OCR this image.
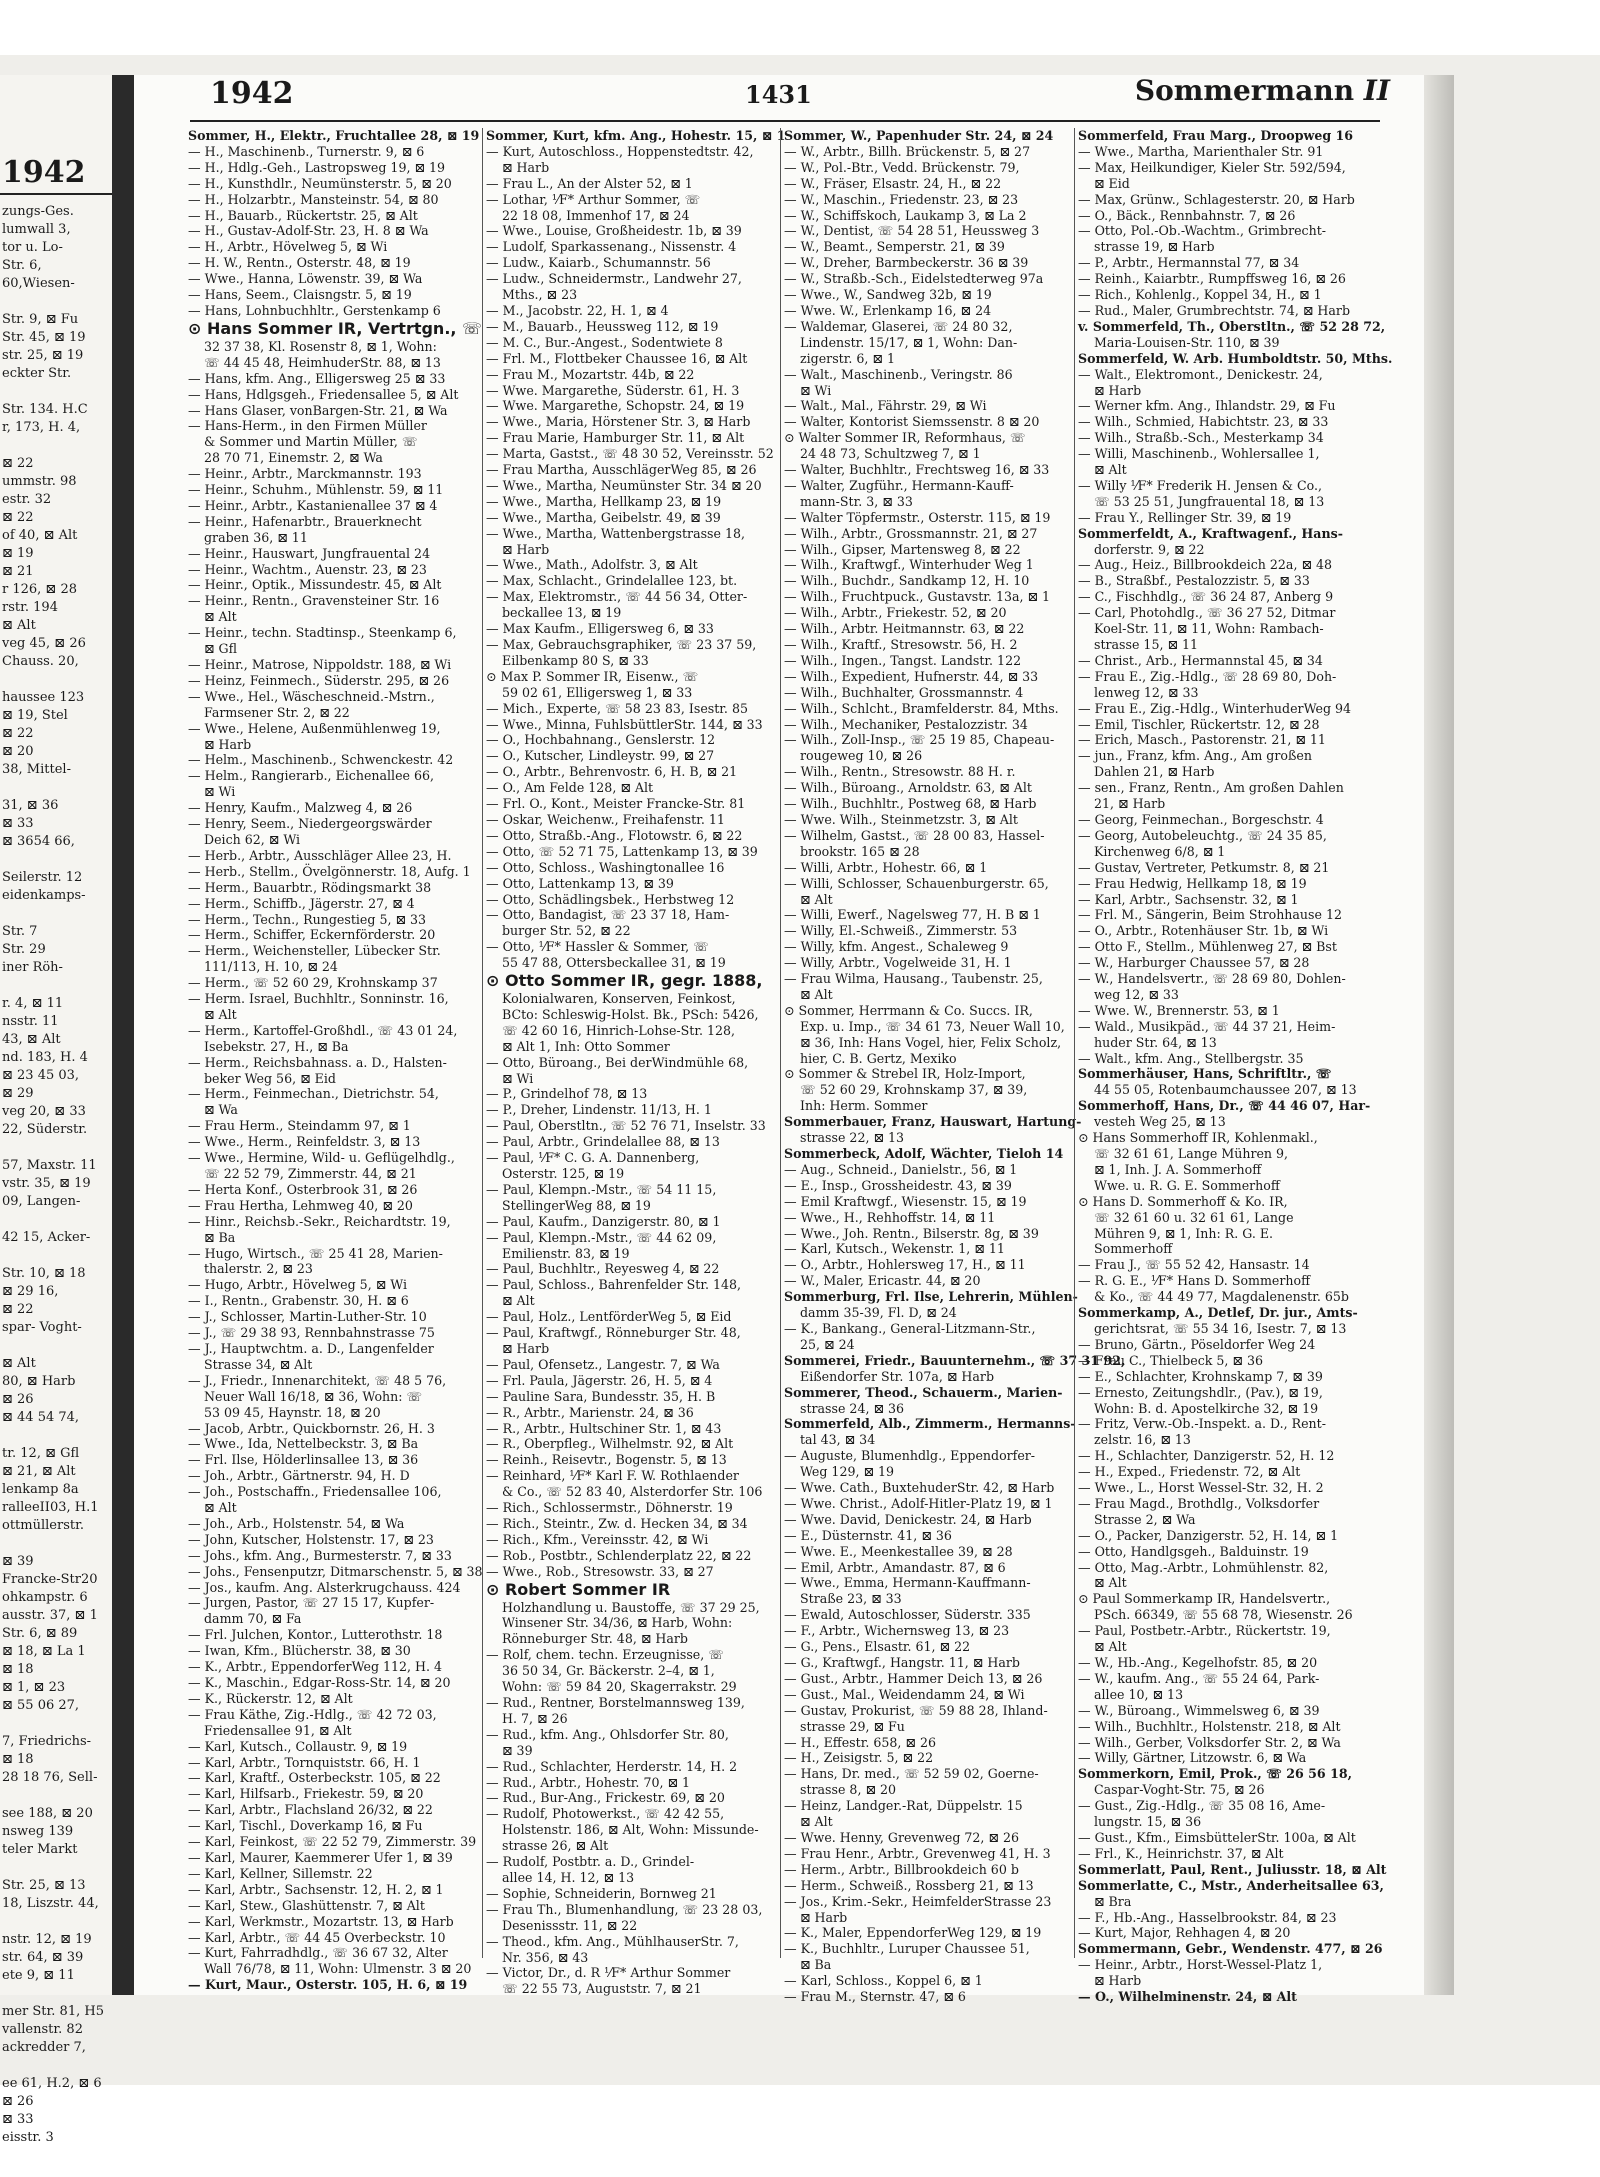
1942
zungs-Ges.
lumwall 3,
tor u. Lo-
Str. 6,
60,Wiesen-

Str. 9, ⊠ Fu
Str. 45, ⊠ 19
str. 25, ⊠ 19
eckter Str.

Str. 134. H.C
r, 173, H. 4,

⊠ 22
ummstr. 98
estr. 32
⊠ 22
of 40, ⊠ Alt
⊠ 19
⊠ 21
r 126, ⊠ 28
rstr. 194
⊠ Alt
veg 45, ⊠ 26
Chauss. 20,

haussee 123
⊠ 19, Stel
⊠ 22
⊠ 20
38, Mittel-

31, ⊠ 36
⊠ 33
⊠ 3654 66,

Seilerstr. 12
eidenkamps-

Str. 7
Str. 29
iner Röh-

r. 4, ⊠ 11
nsstr. 11
43, ⊠ Alt
nd. 183, H. 4
⊠ 23 45 03,
⊠ 29
veg 20, ⊠ 33
22, Süderstr.

57, Maxstr. 11
vstr. 35, ⊠ 19
09, Langen-

42 15, Acker-

Str. 10, ⊠ 18
⊠ 29 16,
⊠ 22
spar- Voght-

⊠ Alt
80, ⊠ Harb
⊠ 26
⊠ 44 54 74,

tr. 12, ⊠ Gfl
⊠ 21, ⊠ Alt
lenkamp 8a
ralleeII03, H.1
ottmüllerstr.

⊠ 39
Francke-Str20
ohkampstr. 6
ausstr. 37, ⊠ 1
Str. 6, ⊠ 89
⊠ 18, ⊠ La 1
⊠ 18
⊠ 1, ⊠ 23
⊠ 55 06 27,

7, Friedrichs-
⊠ 18
28 18 76, Sell-

see 188, ⊠ 20
nsweg 139
teler Markt

Str. 25, ⊠ 13
18, Liszstr. 44,

nstr. 12, ⊠ 19
str. 64, ⊠ 39
ete 9, ⊠ 11

mer Str. 81, H5
vallenstr. 82
ackredder 7,

ee 61, H.2, ⊠ 6
⊠ 26
⊠ 33
eisstr. 3
1942	1431	Sommermann II
Sommer, H., Elektr., Fruchtallee 28, ⊠ 19
— H., Maschinenb., Turnerstr. 9, ⊠ 6
— H., Hdlg.-Geh., Lastropsweg 19, ⊠ 19
— H., Kunsthdlr., Neumünsterstr. 5, ⊠ 20
— H., Holzarbtr., Mansteinstr. 54, ⊠ 80
— H., Bauarb., Rückertstr. 25, ⊠ Alt
— H., Gustav-Adolf-Str. 23, H. 8 ⊠ Wa
— H., Arbtr., Hövelweg 5, ⊠ Wi
— H. W., Rentn., Osterstr. 48, ⊠ 19
— Wwe., Hanna, Löwenstr. 39, ⊠ Wa
— Hans, Seem., Claisngstr. 5, ⊠ 19
— Hans, Lohnbuchhltr., Gerstenkamp 6
⊙ Hans Sommer IR, Vertrtgn., ☏
32 37 38, Kl. Rosenstr 8, ⊠ 1, Wohn:
☏ 44 45 48, HeimhuderStr. 88, ⊠ 13
— Hans, kfm. Ang., Elligersweg 25 ⊠ 33
— Hans, Hdlgsgeh., Friedensallee 5, ⊠ Alt
— Hans Glaser, vonBargen-Str. 21, ⊠ Wa
— Hans-Herm., in den Firmen Müller
& Sommer und Martin Müller, ☏
28 70 71, Einemstr. 2, ⊠ Wa
— Heinr., Arbtr., Marckmannstr. 193
— Heinr., Schuhm., Mühlenstr. 59, ⊠ 11
— Heinr., Arbtr., Kastanienallee 37 ⊠ 4
— Heinr., Hafenarbtr., Brauerknecht
graben 36, ⊠ 11
— Heinr., Hauswart, Jungfrauental 24
— Heinr., Wachtm., Auenstr. 23, ⊠ 23
— Heinr., Optik., Missundestr. 45, ⊠ Alt
— Heinr., Rentn., Gravensteiner Str. 16
⊠ Alt
— Heinr., techn. Stadtinsp., Steenkamp 6,
⊠ Gfl
— Heinr., Matrose, Nippoldstr. 188, ⊠ Wi
— Heinz, Feinmech., Süderstr. 295, ⊠ 26
— Wwe., Hel., Wäscheschneid.-Mstrn.,
Farmsener Str. 2, ⊠ 22
— Wwe., Helene, Außenmühlenweg 19,
⊠ Harb
— Helm., Maschinenb., Schwenckestr. 42
— Helm., Rangierarb., Eichenallee 66,
⊠ Wi
— Henry, Kaufm., Malzweg 4, ⊠ 26
— Henry, Seem., Niedergeorgswärder
Deich 62, ⊠ Wi
— Herb., Arbtr., Ausschläger Allee 23, H.
— Herb., Stellm., Övelgönnerstr. 18, Aufg. 1
— Herm., Bauarbtr., Rödingsmarkt 38
— Herm., Schiffb., Jägerstr. 27, ⊠ 4
— Herm., Techn., Rungestieg 5, ⊠ 33
— Herm., Schiffer, Eckernförderstr. 20
— Herm., Weichensteller, Lübecker Str.
111/113, H. 10, ⊠ 24
— Herm., ☏ 52 60 29, Krohnskamp 37
— Herm. Israel, Buchhltr., Sonninstr. 16,
⊠ Alt
— Herm., Kartoffel-Großhdl., ☏ 43 01 24,
Isebekstr. 27, H., ⊠ Ba
— Herm., Reichsbahnass. a. D., Halsten-
beker Weg 56, ⊠ Eid
— Herm., Feinmechan., Dietrichstr. 54,
⊠ Wa
— Frau Herm., Steindamm 97, ⊠ 1
— Wwe., Herm., Reinfeldstr. 3, ⊠ 13
— Wwe., Hermine, Wild- u. Geflügelhdlg.,
☏ 22 52 79, Zimmerstr. 44, ⊠ 21
— Herta Konf., Osterbrook 31, ⊠ 26
— Frau Hertha, Lehmweg 40, ⊠ 20
— Hinr., Reichsb.-Sekr., Reichardtstr. 19,
⊠ Ba
— Hugo, Wirtsch., ☏ 25 41 28, Marien-
thalerstr. 2, ⊠ 23
— Hugo, Arbtr., Hövelweg 5, ⊠ Wi
— I., Rentn., Grabenstr. 30, H. ⊠ 6
— J., Schlosser, Martin-Luther-Str. 10
— J., ☏ 29 38 93, Rennbahnstrasse 75
— J., Hauptwchtm. a. D., Langenfelder
Strasse 34, ⊠ Alt
— J., Friedr., Innenarchitekt, ☏ 48 5 76,
Neuer Wall 16/18, ⊠ 36, Wohn: ☏
53 09 45, Haynstr. 18, ⊠ 20
— Jacob, Arbtr., Quickbornstr. 26, H. 3
— Wwe., Ida, Nettelbeckstr. 3, ⊠ Ba
— Frl. Ilse, Hölderlinsallee 13, ⊠ 36
— Joh., Arbtr., Gärtnerstr. 94, H. D
— Joh., Postschaffn., Friedensallee 106,
⊠ Alt
— Joh., Arb., Holstenstr. 54, ⊠ Wa
— John, Kutscher, Holstenstr. 17, ⊠ 23
— Johs., kfm. Ang., Burmesterstr. 7, ⊠ 33
— Johs., Fensenputzr, Ditmarschenstr. 5, ⊠ 38
— Jos., kaufm. Ang. Alsterkrugchauss. 424
— Jurgen, Pastor, ☏ 27 15 17, Kupfer-
damm 70, ⊠ Fa
— Frl. Julchen, Kontor., Lutterothstr. 18
— Iwan, Kfm., Blücherstr. 38, ⊠ 30
— K., Arbtr., EppendorferWeg 112, H. 4
— K., Maschin., Edgar-Ross-Str. 14, ⊠ 20
— K., Rückerstr. 12, ⊠ Alt
— Frau Käthe, Zig.-Hdlg., ☏ 42 72 03,
Friedensallee 91, ⊠ Alt
— Karl, Kutsch., Collaustr. 9, ⊠ 19
— Karl, Arbtr., Tornquiststr. 66, H. 1
— Karl, Kraftf., Osterbeckstr. 105, ⊠ 22
— Karl, Hilfsarb., Friekestr. 59, ⊠ 20
— Karl, Arbtr., Flachsland 26/32, ⊠ 22
— Karl, Tischl., Doverkamp 16, ⊠ Fu
— Karl, Feinkost, ☏ 22 52 79, Zimmerstr. 39
— Karl, Maurer, Kaemmerer Ufer 1, ⊠ 39
— Karl, Kellner, Sillemstr. 22
— Karl, Arbtr., Sachsenstr. 12, H. 2, ⊠ 1
— Karl, Stew., Glashüttenstr. 7, ⊠ Alt
— Karl, Werkmstr., Mozartstr. 13, ⊠ Harb
— Karl, Arbtr., ☏ 44 45 Overbeckstr. 10
— Kurt, Fahrradhdlg., ☏ 36 67 32, Alter
Wall 76/78, ⊠ 11, Wohn: Ulmenstr. 3 ⊠ 20
— Kurt, Maur., Osterstr. 105, H. 6, ⊠ 19
Sommer, Kurt, kfm. Ang., Hohestr. 15, ⊠ 1
— Kurt, Autoschloss., Hoppenstedtstr. 42,
⊠ Harb
— Frau L., An der Alster 52, ⊠ 1
— Lothar, ⅟F* Arthur Sommer, ☏
22 18 08, Immenhof 17, ⊠ 24
— Wwe., Louise, Großheidestr. 1b, ⊠ 39
— Ludolf, Sparkassenang., Nissenstr. 4
— Ludw., Kaiarb., Schumannstr. 56
— Ludw., Schneidermstr., Landwehr 27,
Mths., ⊠ 23
— M., Jacobstr. 22, H. 1, ⊠ 4
— M., Bauarb., Heussweg 112, ⊠ 19
— M. C., Bur.-Angest., Sodentwiete 8
— Frl. M., Flottbeker Chaussee 16, ⊠ Alt
— Frau M., Mozartstr. 44b, ⊠ 22
— Wwe. Margarethe, Süderstr. 61, H. 3
— Wwe. Margarethe, Schopstr. 24, ⊠ 19
— Wwe., Maria, Hörstener Str. 3, ⊠ Harb
— Frau Marie, Hamburger Str. 11, ⊠ Alt
— Marta, Gastst., ☏ 48 30 52, Vereinsstr. 52
— Frau Martha, AusschlägerWeg 85, ⊠ 26
— Wwe., Martha, Neumünster Str. 34 ⊠ 20
— Wwe., Martha, Hellkamp 23, ⊠ 19
— Wwe., Martha, Geibelstr. 49, ⊠ 39
— Wwe., Martha, Wattenbergstrasse 18,
⊠ Harb
— Wwe., Math., Adolfstr. 3, ⊠ Alt
— Max, Schlacht., Grindelallee 123, bt.
— Max, Elektromstr., ☏ 44 56 34, Otter-
beckallee 13, ⊠ 19
— Max Kaufm., Elligersweg 6, ⊠ 33
— Max, Gebrauchsgraphiker, ☏ 23 37 59,
Eilbenkamp 80 S, ⊠ 33
⊙ Max P. Sommer IR, Eisenw., ☏
59 02 61, Elligersweg 1, ⊠ 33
— Mich., Experte, ☏ 58 23 83, Isestr. 85
— Wwe., Minna, FuhlsbüttlerStr. 144, ⊠ 33
— O., Hochbahnang., Genslerstr. 12
— O., Kutscher, Lindleystr. 99, ⊠ 27
— O., Arbtr., Behrenvostr. 6, H. B, ⊠ 21
— O., Am Felde 128, ⊠ Alt
— Frl. O., Kont., Meister Francke-Str. 81
— Oskar, Weichenw., Freihafenstr. 11
— Otto, Straßb.-Ang., Flotowstr. 6, ⊠ 22
— Otto, ☏ 52 71 75, Lattenkamp 13, ⊠ 39
— Otto, Schloss., Washingtonallee 16
— Otto, Lattenkamp 13, ⊠ 39
— Otto, Schädlingsbek., Herbstweg 12
— Otto, Bandagist, ☏ 23 37 18, Ham-
burger Str. 52, ⊠ 22
— Otto, ⅟F* Hassler & Sommer, ☏
55 47 88, Ottersbeckallee 31, ⊠ 19
⊙ Otto Sommer IR, gegr. 1888,
Kolonialwaren, Konserven, Feinkost,
BCto: Schleswig-Holst. Bk., PSch: 5426,
☏ 42 60 16, Hinrich-Lohse-Str. 128,
⊠ Alt 1, Inh: Otto Sommer
— Otto, Büroang., Bei derWindmühle 68,
⊠ Wi
— P., Grindelhof 78, ⊠ 13
— P., Dreher, Lindenstr. 11/13, H. 1
— Paul, Oberstltn., ☏ 52 76 71, Inselstr. 33
— Paul, Arbtr., Grindelallee 88, ⊠ 13
— Paul, ⅟F* C. G. A. Dannenberg,
Osterstr. 125, ⊠ 19
— Paul, Klempn.-Mstr., ☏ 54 11 15,
StellingerWeg 88, ⊠ 19
— Paul, Kaufm., Danzigerstr. 80, ⊠ 1
— Paul, Klempn.-Mstr., ☏ 44 62 09,
Emilienstr. 83, ⊠ 19
— Paul, Buchhltr., Reyesweg 4, ⊠ 22
— Paul, Schloss., Bahrenfelder Str. 148,
⊠ Alt
— Paul, Holz., LentförderWeg 5, ⊠ Eid
— Paul, Kraftwgf., Rönneburger Str. 48,
⊠ Harb
— Paul, Ofensetz., Langestr. 7, ⊠ Wa
— Frl. Paula, Jägerstr. 26, H. 5, ⊠ 4
— Pauline Sara, Bundesstr. 35, H. B
— R., Arbtr., Marienstr. 24, ⊠ 36
— R., Arbtr., Hultschiner Str. 1, ⊠ 43
— R., Oberpfleg., Wilhelmstr. 92, ⊠ Alt
— Reinh., Reisevtr., Bogenstr. 5, ⊠ 13
— Reinhard, ⅟F* Karl F. W. Rothlaender
& Co., ☏ 52 83 40, Alsterdorfer Str. 106
— Rich., Schlossermstr., Döhnerstr. 19
— Rich., Steintr., Zw. d. Hecken 34, ⊠ 34
— Rich., Kfm., Vereinsstr. 42, ⊠ Wi
— Rob., Postbtr., Schlenderplatz 22, ⊠ 22
— Wwe., Rob., Stresowstr. 33, ⊠ 27
⊙ Robert Sommer IR
Holzhandlung u. Baustoffe, ☏ 37 29 25,
Winsener Str. 34/36, ⊠ Harb, Wohn:
Rönneburger Str. 48, ⊠ Harb
— Rolf, chem. techn. Erzeugnisse, ☏
36 50 34, Gr. Bäckerstr. 2–4, ⊠ 1,
Wohn: ☏ 59 84 20, Skagerrakstr. 29
— Rud., Rentner, Borstelmannsweg 139,
H. 7, ⊠ 26
— Rud., kfm. Ang., Ohlsdorfer Str. 80,
⊠ 39
— Rud., Schlachter, Herderstr. 14, H. 2
— Rud., Arbtr., Hohestr. 70, ⊠ 1
— Rud., Bur-Ang., Frickestr. 69, ⊠ 20
— Rudolf, Photowerkst., ☏ 42 42 55,
Holstenstr. 186, ⊠ Alt, Wohn: Missunde-
strasse 26, ⊠ Alt
— Rudolf, Postbtr. a. D., Grindel-
allee 14, H. 12, ⊠ 13
— Sophie, Schneiderin, Bornweg 21
— Frau Th., Blumenhandlung, ☏ 23 28 03,
Desenissstr. 11, ⊠ 22
— Theod., kfm. Ang., MühlhauserStr. 7,
Nr. 356, ⊠ 43
— Victor, Dr., d. R ⅟F* Arthur Sommer
☏ 22 55 73, Auguststr. 7, ⊠ 21
Sommer, W., Papenhuder Str. 24, ⊠ 24
— W., Arbtr., Billh. Brückenstr. 5, ⊠ 27
— W., Pol.-Btr., Vedd. Brückenstr. 79,
— W., Fräser, Elsastr. 24, H., ⊠ 22
— W., Maschin., Friedenstr. 23, ⊠ 23
— W., Schiffskoch, Laukamp 3, ⊠ La 2
— W., Dentist, ☏ 54 28 51, Heussweg 3
— W., Beamt., Semperstr. 21, ⊠ 39
— W., Dreher, Barmbeckerstr. 36 ⊠ 39
— W., Straßb.-Sch., Eidelstedterweg 97a
— Wwe., W., Sandweg 32b, ⊠ 19
— Wwe. W., Erlenkamp 16, ⊠ 24
— Waldemar, Glaserei, ☏ 24 80 32,
Lindenstr. 15/17, ⊠ 1, Wohn: Dan-
zigerstr. 6, ⊠ 1
— Walt., Maschinenb., Veringstr. 86
⊠ Wi
— Walt., Mal., Fährstr. 29, ⊠ Wi
— Walter, Kontorist Siemssenstr. 8 ⊠ 20
⊙ Walter Sommer IR, Reformhaus, ☏
24 48 73, Schultzweg 7, ⊠ 1
— Walter, Buchhltr., Frechtsweg 16, ⊠ 33
— Walter, Zugführ., Hermann-Kauff-
mann-Str. 3, ⊠ 33
— Walter Töpfermstr., Osterstr. 115, ⊠ 19
— Wilh., Arbtr., Grossmannstr. 21, ⊠ 27
— Wilh., Gipser, Martensweg 8, ⊠ 22
— Wilh., Kraftwgf., Winterhuder Weg 1
— Wilh., Buchdr., Sandkamp 12, H. 10
— Wilh., Fruchtpuck., Gustavstr. 13a, ⊠ 1
— Wilh., Arbtr., Friekestr. 52, ⊠ 20
— Wilh., Arbtr. Heitmannstr. 63, ⊠ 22
— Wilh., Kraftf., Stresowstr. 56, H. 2
— Wilh., Ingen., Tangst. Landstr. 122
— Wilh., Expedient, Hufnerstr. 44, ⊠ 33
— Wilh., Buchhalter, Grossmannstr. 4
— Wilh., Schlcht., Bramfelderstr. 84, Mths.
— Wilh., Mechaniker, Pestalozzistr. 34
— Wilh., Zoll-Insp., ☏ 25 19 85, Chapeau-
rougeweg 10, ⊠ 26
— Wilh., Rentn., Stresowstr. 88 H. r.
— Wilh., Büroang., Arnoldstr. 63, ⊠ Alt
— Wilh., Buchhltr., Postweg 68, ⊠ Harb
— Wwe. Wilh., Steinmetzstr. 3, ⊠ Alt
— Wilhelm, Gastst., ☏ 28 00 83, Hassel-
brookstr. 165 ⊠ 28
— Willi, Arbtr., Hohestr. 66, ⊠ 1
— Willi, Schlosser, Schauenburgerstr. 65,
⊠ Alt
— Willi, Ewerf., Nagelsweg 77, H. B ⊠ 1
— Willy, El.-Schweiß., Zimmerstr. 53
— Willy, kfm. Angest., Schaleweg 9
— Willy, Arbtr., Vogelweide 31, H. 1
— Frau Wilma, Hausang., Taubenstr. 25,
⊠ Alt
⊙ Sommer, Herrmann & Co. Succs. IR,
Exp. u. Imp., ☏ 34 61 73, Neuer Wall 10,
⊠ 36, Inh: Hans Vogel, hier, Felix Scholz,
hier, C. B. Gertz, Mexiko
⊙ Sommer & Strebel IR, Holz-Import,
☏ 52 60 29, Krohnskamp 37, ⊠ 39,
Inh: Herm. Sommer
Sommerbauer, Franz, Hauswart, Hartung-
strasse 22, ⊠ 13
Sommerbeck, Adolf, Wächter, Tieloh 14
— Aug., Schneid., Danielstr., 56, ⊠ 1
— E., Insp., Grossheidestr. 43, ⊠ 39
— Emil Kraftwgf., Wiesenstr. 15, ⊠ 19
— Wwe., H., Rehhoffstr. 14, ⊠ 11
— Wwe., Joh. Rentn., Bilserstr. 8g, ⊠ 39
— Karl, Kutsch., Wekenstr. 1, ⊠ 11
— O., Arbtr., Hohlersweg 17, H., ⊠ 11
— W., Maler, Ericastr. 44, ⊠ 20
Sommerburg, Frl. Ilse, Lehrerin, Mühlen-
damm 35-39, Fl. D, ⊠ 24
— K., Bankang., General-Litzmann-Str.,
25, ⊠ 24
Sommerei, Friedr., Bauunternehm., ☏ 37 31 92,
Eißendorfer Str. 107a, ⊠ Harb
Sommerer, Theod., Schauerm., Marien-
strasse 24, ⊠ 36
Sommerfeld, Alb., Zimmerm., Hermanns-
tal 43, ⊠ 34
— Auguste, Blumenhdlg., Eppendorfer-
Weg 129, ⊠ 19
— Wwe. Cath., BuxtehuderStr. 42, ⊠ Harb
— Wwe. Christ., Adolf-Hitler-Platz 19, ⊠ 1
— Wwe. David, Denickestr. 24, ⊠ Harb
— E., Düsternstr. 41, ⊠ 36
— Wwe. E., Meenkestallee 39, ⊠ 28
— Emil, Arbtr., Amandastr. 87, ⊠ 6
— Wwe., Emma, Hermann-Kauffmann-
Straße 23, ⊠ 33
— Ewald, Autoschlosser, Süderstr. 335
— F., Arbtr., Wichernsweg 13, ⊠ 23
— G., Pens., Elsastr. 61, ⊠ 22
— G., Kraftwgf., Hangstr. 11, ⊠ Harb
— Gust., Arbtr., Hammer Deich 13, ⊠ 26
— Gust., Mal., Weidendamm 24, ⊠ Wi
— Gustav, Prokurist, ☏ 59 88 28, Ihland-
strasse 29, ⊠ Fu
— H., Effestr. 658, ⊠ 26
— H., Zeisigstr. 5, ⊠ 22
— Hans, Dr. med., ☏ 52 59 02, Goerne-
strasse 8, ⊠ 20
— Heinz, Landger.-Rat, Düppelstr. 15
⊠ Alt
— Wwe. Henny, Grevenweg 72, ⊠ 26
— Frau Henr., Arbtr., Grevenweg 41, H. 3
— Herm., Arbtr., Billbrookdeich 60 b
— Herm., Schweiß., Rossberg 21, ⊠ 13
— Jos., Krim.-Sekr., HeimfelderStrasse 23
⊠ Harb
— K., Maler, EppendorferWeg 129, ⊠ 19
— K., Buchhltr., Luruper Chaussee 51,
⊠ Ba
— Karl, Schloss., Koppel 6, ⊠ 1
— Frau M., Sternstr. 47, ⊠ 6
Sommerfeld, Frau Marg., Droopweg 16
— Wwe., Martha, Marienthaler Str. 91
— Max, Heilkundiger, Kieler Str. 592/594,
⊠ Eid
— Max, Grünw., Schlagesterstr. 20, ⊠ Harb
— O., Bäck., Rennbahnstr. 7, ⊠ 26
— Otto, Pol.-Ob.-Wachtm., Grimbrecht-
strasse 19, ⊠ Harb
— P., Arbtr., Hermannstal 77, ⊠ 34
— Reinh., Kaiarbtr., Rumpffsweg 16, ⊠ 26
— Rich., Kohlenlg., Koppel 34, H., ⊠ 1
— Rud., Maler, Grumbrechtstr. 74, ⊠ Harb
v. Sommerfeld, Th., Oberstltn., ☏ 52 28 72,
Maria-Louisen-Str. 110, ⊠ 39
Sommerfeld, W. Arb. Humboldtstr. 50, Mths.
— Walt., Elektromont., Denickestr. 24,
⊠ Harb
— Werner kfm. Ang., Ihlandstr. 29, ⊠ Fu
— Wilh., Schmied, Habichtstr. 23, ⊠ 33
— Wilh., Straßb.-Sch., Mesterkamp 34
— Willi, Maschinenb., Wohlersallee 1,
⊠ Alt
— Willy ⅟F* Frederik H. Jensen & Co.,
☏ 53 25 51, Jungfrauental 18, ⊠ 13
— Frau Y., Rellinger Str. 39, ⊠ 19
Sommerfeldt, A., Kraftwagenf., Hans-
dorferstr. 9, ⊠ 22
— Aug., Heiz., Billbrookdeich 22a, ⊠ 48
— B., Straßbf., Pestalozzistr. 5, ⊠ 33
— C., Fischhdlg., ☏ 36 24 87, Anberg 9
— Carl, Photohdlg., ☏ 36 27 52, Ditmar
Koel-Str. 11, ⊠ 11, Wohn: Rambach-
strasse 15, ⊠ 11
— Christ., Arb., Hermannstal 45, ⊠ 34
— Frau E., Zig.-Hdlg., ☏ 28 69 80, Doh-
lenweg 12, ⊠ 33
— Frau E., Zig.-Hdlg., WinterhuderWeg 94
— Emil, Tischler, Rückertstr. 12, ⊠ 28
— Erich, Masch., Pastorenstr. 21, ⊠ 11
— jun., Franz, kfm. Ang., Am großen
Dahlen 21, ⊠ Harb
— sen., Franz, Rentn., Am großen Dahlen
21, ⊠ Harb
— Georg, Feinmechan., Borgeschstr. 4
— Georg, Autobeleuchtg., ☏ 24 35 85,
Kirchenweg 6/8, ⊠ 1
— Gustav, Vertreter, Petkumstr. 8, ⊠ 21
— Frau Hedwig, Hellkamp 18, ⊠ 19
— Karl, Arbtr., Sachsenstr. 32, ⊠ 1
— Frl. M., Sängerin, Beim Strohhause 12
— O., Arbtr., Rotenhäuser Str. 1b, ⊠ Wi
— Otto F., Stellm., Mühlenweg 27, ⊠ Bst
— W., Harburger Chaussee 57, ⊠ 28
— W., Handelsvertr., ☏ 28 69 80, Dohlen-
weg 12, ⊠ 33
— Wwe. W., Brennerstr. 53, ⊠ 1
— Wald., Musikpäd., ☏ 44 37 21, Heim-
huder Str. 64, ⊠ 13
— Walt., kfm. Ang., Stellbergstr. 35
Sommerhäuser, Hans, Schriftltr., ☏
44 55 05, Rotenbaumchaussee 207, ⊠ 13
Sommerhoff, Hans, Dr., ☏ 44 46 07, Har-
vesteh Weg 25, ⊠ 13
⊙ Hans Sommerhoff IR, Kohlenmakl.,
☏ 32 61 61, Lange Mühren 9,
⊠ 1, Inh. J. A. Sommerhoff
Wwe. u. R. G. E. Sommerhoff
⊙ Hans D. Sommerhoff & Ko. IR,
☏ 32 61 60 u. 32 61 61, Lange
Mühren 9, ⊠ 1, Inh: R. G. E.
Sommerhoff
— Frau J., ☏ 55 52 42, Hansastr. 14
— R. G. E., ⅟F* Hans D. Sommerhoff
& Ko., ☏ 44 49 77, Magdalenenstr. 65b
Sommerkamp, A., Detlef, Dr. jur., Amts-
gerichtsrat, ☏ 55 34 16, Isestr. 7, ⊠ 13
— Bruno, Gärtn., Pöseldorfer Weg 24
— Frau C., Thielbeck 5, ⊠ 36
— E., Schlachter, Krohnskamp 7, ⊠ 39
— Ernesto, Zeitungshdlr., (Pav.), ⊠ 19,
Wohn: B. d. Apostelkirche 32, ⊠ 19
— Fritz, Verw.-Ob.-Inspekt. a. D., Rent-
zelstr. 16, ⊠ 13
— H., Schlachter, Danzigerstr. 52, H. 12
— H., Exped., Friedenstr. 72, ⊠ Alt
— Wwe., L., Horst Wessel-Str. 32, H. 2
— Frau Magd., Brothdlg., Volksdorfer
Strasse 2, ⊠ Wa
— O., Packer, Danzigerstr. 52, H. 14, ⊠ 1
— Otto, Handlgsgeh., Balduinstr. 19
— Otto, Mag.-Arbtr., Lohmühlenstr. 82,
⊠ Alt
⊙ Paul Sommerkamp IR, Handelsvertr.,
PSch. 66349, ☏ 55 68 78, Wiesenstr. 26
— Paul, Postbetr.-Arbtr., Rückertstr. 19,
⊠ Alt
— W., Hb.-Ang., Kegelhofstr. 85, ⊠ 20
— W., kaufm. Ang., ☏ 55 24 64, Park-
allee 10, ⊠ 13
— W., Büroang., Wimmelsweg 6, ⊠ 39
— Wilh., Buchhltr., Holstenstr. 218, ⊠ Alt
— Wilh., Gerber, Volksdorfer Str. 2, ⊠ Wa
— Willy, Gärtner, Litzowstr. 6, ⊠ Wa
Sommerkorn, Emil, Prok., ☏ 26 56 18,
Caspar-Voght-Str. 75, ⊠ 26
— Gust., Zig.-Hdlg., ☏ 35 08 16, Ame-
lungstr. 15, ⊠ 36
— Gust., Kfm., EimsbüttelerStr. 100a, ⊠ Alt
— Frl., K., Heinrichstr. 37, ⊠ Alt
Sommerlatt, Paul, Rent., Juliusstr. 18, ⊠ Alt
Sommerlatte, C., Mstr., Anderheitsallee 63,
⊠ Bra
— F., Hb.-Ang., Hasselbrookstr. 84, ⊠ 23
— Kurt, Major, Rehhagen 4, ⊠ 20
Sommermann, Gebr., Wendenstr. 477, ⊠ 26
— Heinr., Arbtr., Horst-Wessel-Platz 1,
⊠ Harb
— O., Wilhelminenstr. 24, ⊠ Alt
